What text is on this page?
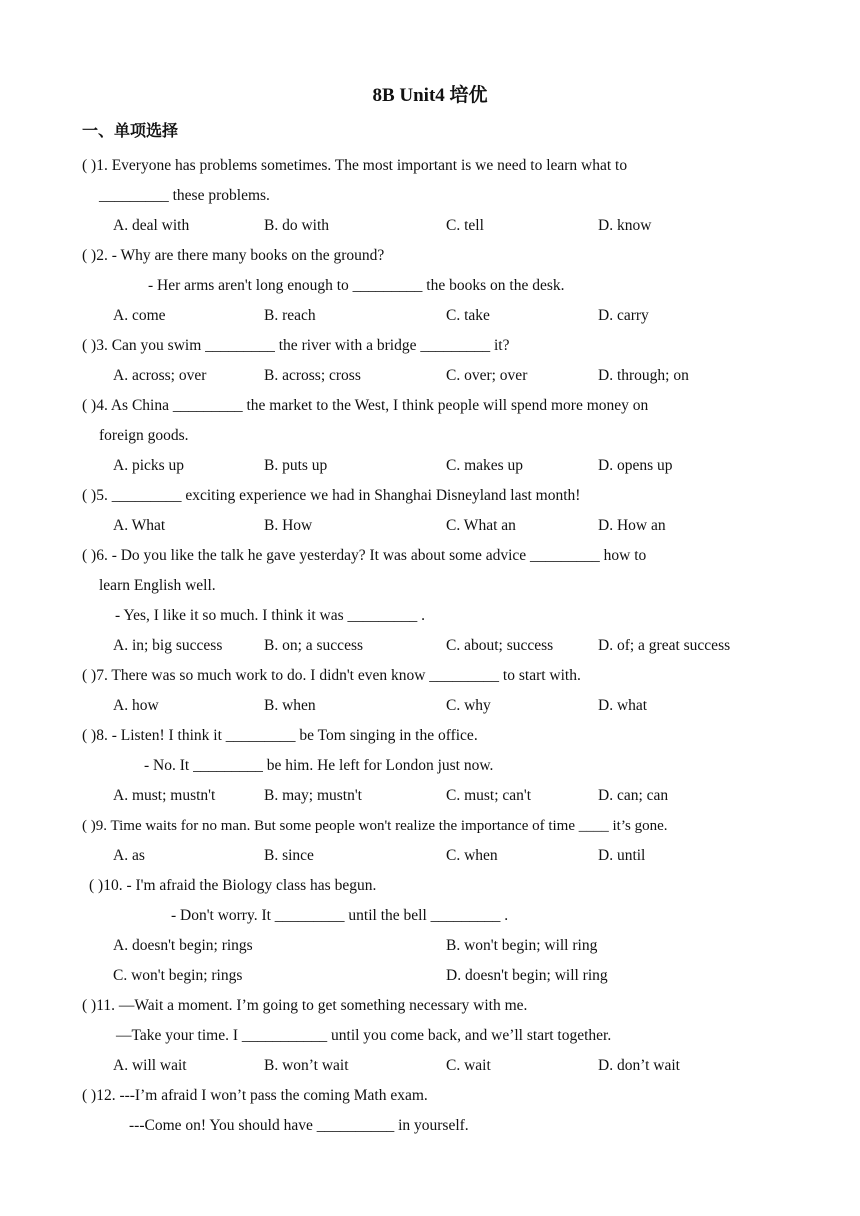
8B Unit4 培优
一、单项选择
( )1. Everyone has problems sometimes. The most important is we need to learn what to
_________ these problems.
A. deal with	B. do with	C. tell	D. know
( )2. - Why are there many books on the ground?
- Her arms aren't long enough to _________ the books on the desk.
A. come	B. reach	C. take	D. carry
( )3. Can you swim _________ the river with a bridge _________ it?
A. across; over	B. across; cross	C. over; over	D. through; on
( )4. As China _________ the market to the West, I think people will spend more money on
foreign goods.
A. picks up	B. puts up	C. makes up	D. opens up
( )5. _________ exciting experience we had in Shanghai Disneyland last month!
A. What	B. How	C. What an	D. How an
( )6. - Do you like the talk he gave yesterday? It was about some advice _________ how to
learn English well.
- Yes, I like it so much. I think it was _________ .
A. in; big success	B. on; a success	C. about; success	D. of; a great success
( )7. There was so much work to do. I didn't even know _________ to start with.
A. how	B. when	C. why	D. what
( )8. - Listen! I think it _________ be Tom singing in the office.
- No. It _________ be him. He left for London just now.
A. must; mustn't	B. may; mustn't	C. must; can't	D. can; can
( )9. Time waits for no man. But some people won't realize the importance of time ____ it’s gone.
A. as	B. since	C. when	D. until
( )10. - I'm afraid the Biology class has begun.
- Don't worry. It _________ until the bell _________ .
A. doesn't begin; rings	B. won't begin; will ring
C. won't begin; rings	D. doesn't begin; will ring
( )11. —Wait a moment. I’m going to get something necessary with me.
—Take your time. I ___________ until you come back, and we’ll start together.
A. will wait	B. won’t wait	C. wait	D. don’t wait
( )12. ---I’m afraid I won’t pass the coming Math exam.
---Come on! You should have __________ in yourself.
